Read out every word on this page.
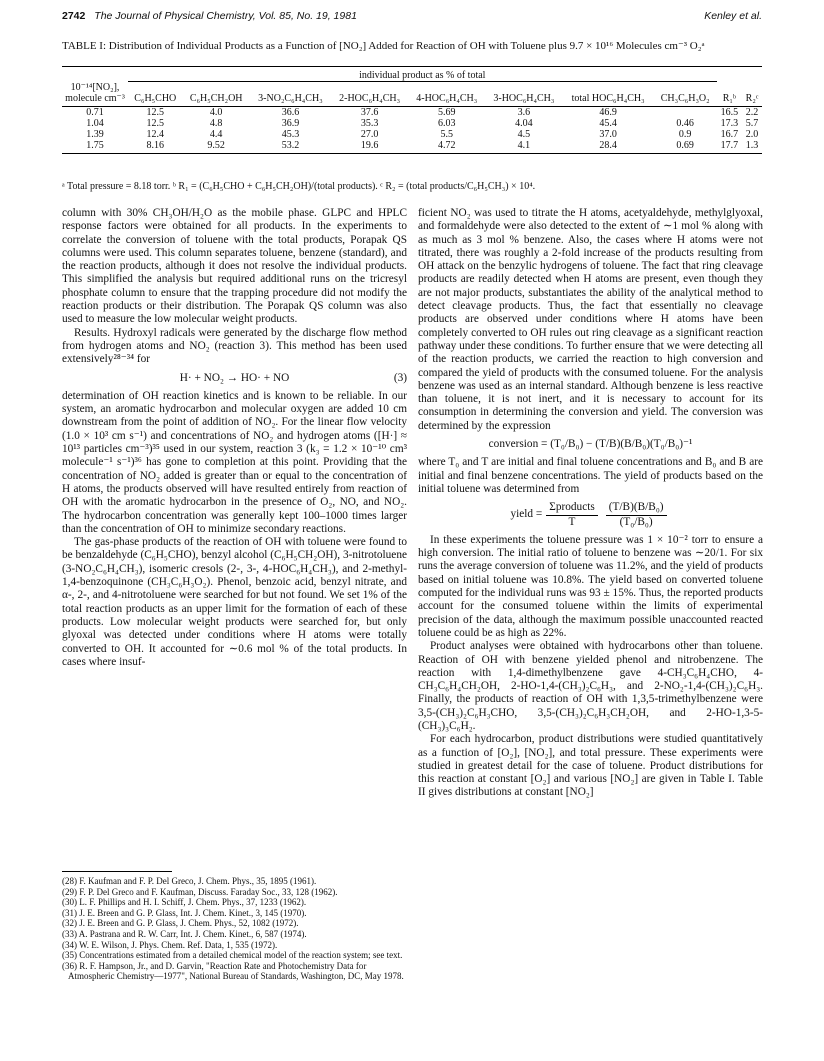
2742 The Journal of Physical Chemistry, Vol. 85, No. 19, 1981	Kenley et al.
TABLE I: Distribution of Individual Products as a Function of [NO₂] Added for Reaction of OH with Toluene plus 9.7 × 10¹⁶ Molecules cm⁻³ O₂ᵃ

	individual product as % of total									
10⁻¹⁴[NO₂], molecule cm⁻³	C₆H₅CHO	C₆H₅CH₂OH	3-NO₂C₆H₄CH₃	2-HOC₆H₄CH₃	4-HOC₆H₄CH₃	3-HOC₆H₄CH₃	total HOC₆H₄CH₃	CH₃C₆H₃O₂	R₁ᵇ	R₂ᶜ

0.71	12.5	4.0	36.6	37.6	5.69	3.6	46.9		16.5	2.2
1.04	12.5	4.8	36.9	35.3	6.03	4.04	45.4	0.46	17.3	5.7
1.39	12.4	4.4	45.3	27.0	5.5	4.5	37.0	0.9	16.7	2.0
1.75	8.16	9.52	53.2	19.6	4.72	4.1	28.4	0.69	17.7	1.3

ᵃ Total pressure = 8.18 torr. ᵇ R₁ = (C₆H₅CHO + C₆H₅CH₂OH)/(total products). ᶜ R₂ = (total products/C₆H₅CH₃) × 10⁴.

column with 30% CH₃OH/H₂O as the mobile phase. GLPC and HPLC response factors were obtained for all products. In the experiments to correlate the conversion of toluene with the total products, Porapak QS columns were used. This column separates toluene, benzene (standard), and the reaction products, although it does not resolve the individual products. This simplified the analysis but required additional runs on the tricresyl phosphate column to ensure that the trapping procedure did not modify the reaction products or their distribution. The Porapak QS column was also used to measure the low molecular weight products.

Results. Hydroxyl radicals were generated by the discharge flow method from hydrogen atoms and NO₂ (reaction 3). This method has been used extensively²⁸⁻³⁴ for

H· + NO₂ → HO· + NO	(3)

determination of OH reaction kinetics and is known to be reliable. In our system, an aromatic hydrocarbon and molecular oxygen are added 10 cm downstream from the point of addition of NO₂. For the linear flow velocity (1.0 × 10³ cm s⁻¹) and concentrations of NO₂ and hydrogen atoms ([H·] ≈ 10¹³ particles cm⁻³)³⁵ used in our system, reaction 3 (k₃ = 1.2 × 10⁻¹⁰ cm³ molecule⁻¹ s⁻¹)³⁶ has gone to completion at this point. Providing that the concentration of NO₂ added is greater than or equal to the concentration of H atoms, the products observed will have resulted entirely from reaction of OH with the aromatic hydrocarbon in the presence of O₂, NO, and NO₂. The hydrocarbon concentration was generally kept 100–1000 times larger than the concentration of OH to minimize secondary reactions.

The gas-phase products of the reaction of OH with toluene were found to be benzaldehyde (C₆H₅CHO), benzyl alcohol (C₆H₅CH₂OH), 3-nitrotoluene (3-NO₂C₆H₄CH₃), isomeric cresols (2-, 3-, 4-HOC₆H₄CH₃), and 2-methyl-1,4-benzoquinone (CH₃C₆H₃O₂). Phenol, benzoic acid, benzyl nitrate, and α-, 2-, and 4-nitrotoluene were searched for but not found. We set 1% of the total reaction products as an upper limit for the formation of each of these products. Low molecular weight products were searched for, but only glyoxal was detected under conditions where H atoms were totally converted to OH. It accounted for ∼0.6 mol % of the total products. In cases where insuf-

ficient NO₂ was used to titrate the H atoms, acetyaldehyde, methylglyoxal, and formaldehyde were also detected to the extent of ∼1 mol % along with as much as 3 mol % benzene. Also, the cases where H atoms were not titrated, there was roughly a 2-fold increase of the products resulting from OH attack on the benzylic hydrogens of toluene. The fact that ring cleavage products are readily detected when H atoms are present, even though they are not major products, substantiates the ability of the analytical method to detect cleavage products. Thus, the fact that essentially no cleavage products are observed under conditions where H atoms have been completely converted to OH rules out ring cleavage as a significant reaction pathway under these conditions. To further ensure that we were detecting all of the reaction products, we carried the reaction to high conversion and compared the yield of products with the consumed toluene. For the analysis benzene was used as an internal standard. Although benzene is less reactive than toluene, it is not inert, and it is necessary to account for its consumption in determining the conversion and yield. The conversion was determined by the expression

conversion = (T₀/B₀) − (T/B)(B/B₀)(T₀/B₀)⁻¹

where T₀ and T are initial and final toluene concentrations and B₀ and B are initial and final benzene concentrations. The yield of products based on the initial toluene was determined from

yield = $\frac{\text{Σproducts}}{T} \frac{\text{(T/B)(B/B₀)}}{\text{(T₀/B₀)}}$

In these experiments the toluene pressure was 1 × 10⁻² torr to ensure a high conversion. The initial ratio of toluene to benzene was ∼20/1. For six runs the average conversion of toluene was 11.2%, and the yield of products based on initial toluene was 10.8%. The yield based on converted toluene computed for the individual runs was 93 ± 15%. Thus, the reported products account for the consumed toluene within the limits of experimental precision of the data, although the maximum possible unaccounted reacted toluene could be as high as 22%.

Product analyses were obtained with hydrocarbons other than toluene. Reaction of OH with benzene yielded phenol and nitrobenzene. The reaction with 1,4-dimethylbenzene gave 4-CH₃C₆H₄CHO, 4-CH₃C₆H₄CH₂OH, 2-HO-1,4-(CH₃)₂C₆H₃, and 2-NO₂-1,4-(CH₃)₂C₆H₃. Finally, the products of reaction of OH with 1,3,5-trimethylbenzene were 3,5-(CH₃)₂C₆H₃CHO, 3,5-(CH₃)₂C₆H₃CH₂OH, and 2-HO-1,3-5-(CH₃)₃C₆H₂.

For each hydrocarbon, product distributions were studied quantitatively as a function of [O₂], [NO₂], and total pressure. These experiments were studied in greatest detail for the case of toluene. Product distributions for this reaction at constant [O₂] and various [NO₂] are given in Table I. Table II gives distributions at constant [NO₂]

(28) F. Kaufman and F. P. Del Greco, J. Chem. Phys., 35, 1895 (1961).
(29) F. P. Del Greco and F. Kaufman, Discuss. Faraday Soc., 33, 128 (1962).
(30) L. F. Phillips and H. I. Schiff, J. Chem. Phys., 37, 1233 (1962).
(31) J. E. Breen and G. P. Glass, Int. J. Chem. Kinet., 3, 145 (1970).
(32) J. E. Breen and G. P. Glass, J. Chem. Phys., 52, 1082 (1972).
(33) A. Pastrana and R. W. Carr, Int. J. Chem. Kinet., 6, 587 (1974).
(34) W. E. Wilson, J. Phys. Chem. Ref. Data, 1, 535 (1972).
(35) Concentrations estimated from a detailed chemical model of the reaction system; see text.
(36) R. F. Hampson, Jr., and D. Garvin, "Reaction Rate and Photochemistry Data for Atmospheric Chemistry—1977", National Bureau of Standards, Washington, DC, May 1978.
